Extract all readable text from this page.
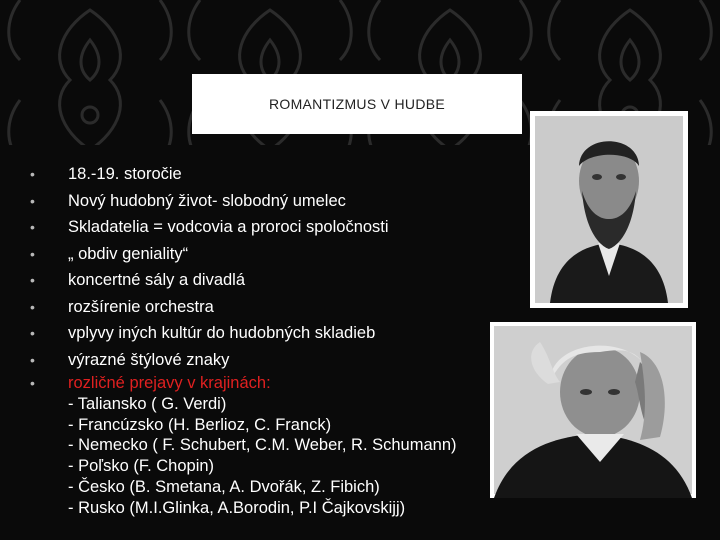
ROMANTIZMUS V HUDBE
•	18.-19. storočie
•	Nový hudobný život- slobodný umelec
•	Skladatelia = vodcovia a proroci spoločnosti
•	„ obdiv geniality“
•	koncertné sály a divadlá
•	rozšírenie orchestra
•	vplyvy iných kultúr do hudobných skladieb
•	výrazné štýlové znaky
•	rozličné prejavy v krajinách:
- Taliansko ( G. Verdi)
- Francúzsko (H. Berlioz, C. Franck)
- Nemecko ( F. Schubert, C.M. Weber, R. Schumann)
- Poľsko (F. Chopin)
- Česko (B. Smetana, A. Dvořák, Z. Fibich)
- Rusko (M.I.Glinka, A.Borodin, P.I Čajkovskijj)
